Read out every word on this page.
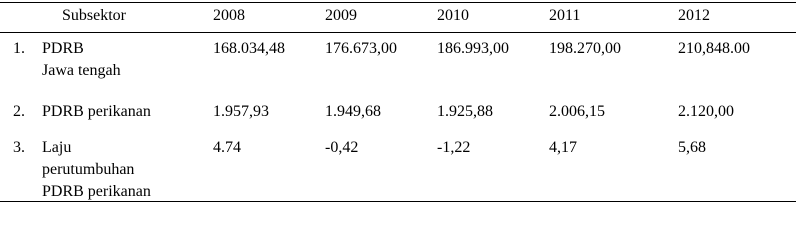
Subsektor	2008	2009	2010	2011	2012
1. PDRB
Jawa tengah
168.034,48	176.673,00	186.993,00	198.270,00	210,848.00
2. PDRB perikanan	1.957,93	1.949,68	1.925,88	2.006,15	2.120,00
3. Laju
perutumbuhan
PDRB perikanan
4.74	-0,42	-1,22	4,17	5,68
